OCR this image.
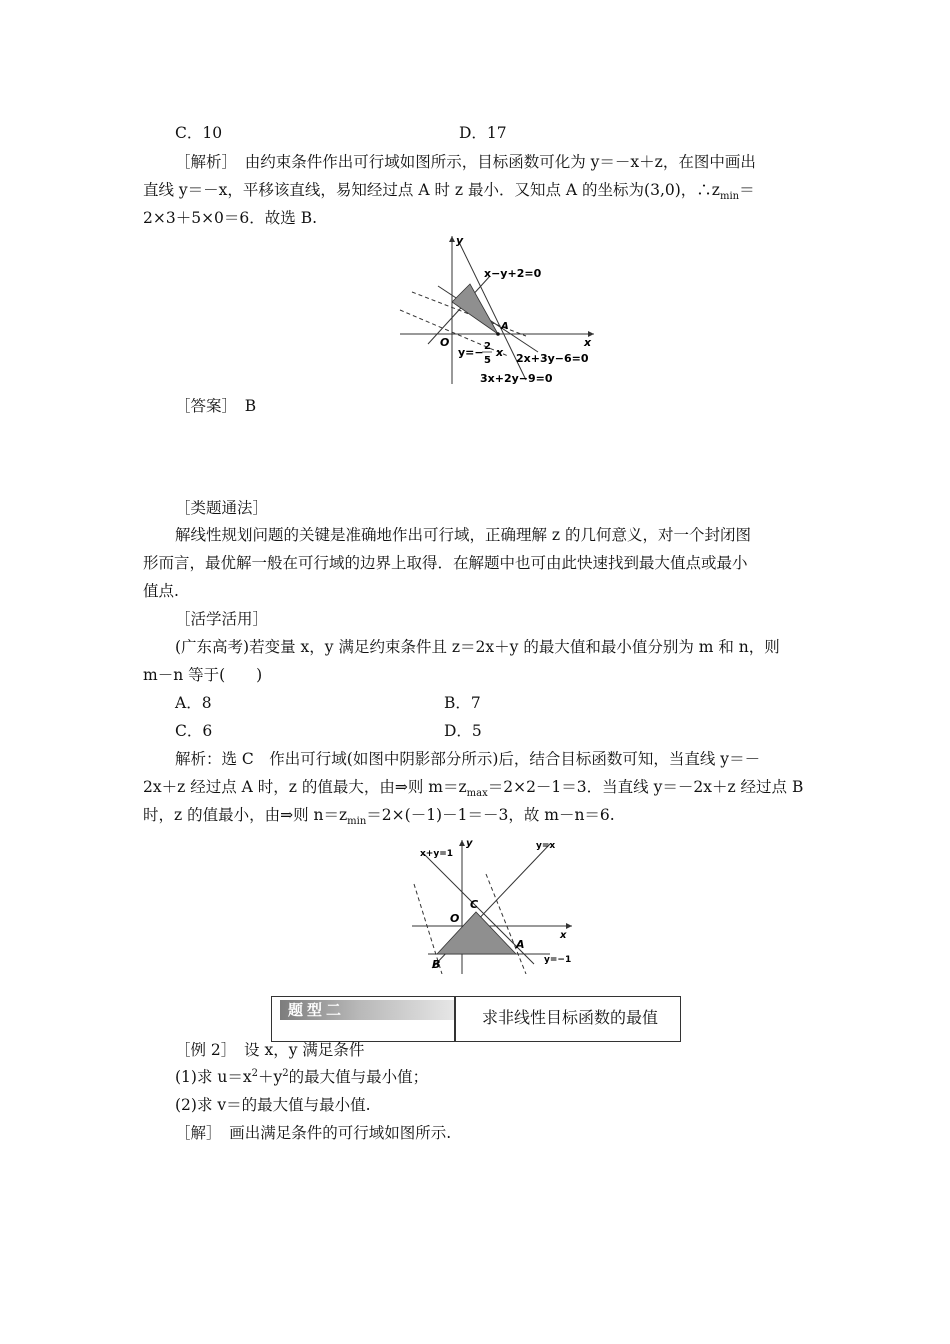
C．10	D．17
［解析］　由约束条件作出可行域如图所示，目标函数可化为 y＝－x＋z，在图中画出
直线 y＝－x，平移该直线，易知经过点 A 时 z 最小．又知点 A 的坐标为(3,0)，$\therefore z_{min}=$
2×3＋5×0＝6．故选 B.
y
x
O
A
x−y+2=0
2x+3y−6=0
3x+2y−9=0
y=− 2
5
x
［答案］　B
［类题通法］
解线性规划问题的关键是准确地作出可行域，正确理解 z 的几何意义，对一个封闭图
形而言，最优解一般在可行域的边界上取得．在解题中也可由此快速找到最大值点或最小
值点.
［活学活用］
(广东高考)若变量 x，y 满足约束条件且 z＝2x＋y 的最大值和最小值分别为 m 和 n，则
m－n 等于(　　)
A．8	B．7
C．6	D．5
解析：选 C　作出可行域(如图中阴影部分所示)后，结合目标函数可知，当直线 y＝－
2x＋z 经过点 A 时，z 的值最大，由⇒则 $m=z_{max}=2\times 2-1=3$．当直线 y＝－2x＋z 经过点 B
时，z 的值最小，由⇒则 $n=z_{min}=2\times(-1)-1=-3$，故 m－n＝6.
y
x
O
C
A
B
x+y=1
y=x
y=−1
题型二	求非线性目标函数的最值
［例 2］　设 x，y 满足条件
(1)求 $u=x^2+y^2$的最大值与最小值；
(2)求 v＝的最大值与最小值.
［解］　画出满足条件的可行域如图所示.
